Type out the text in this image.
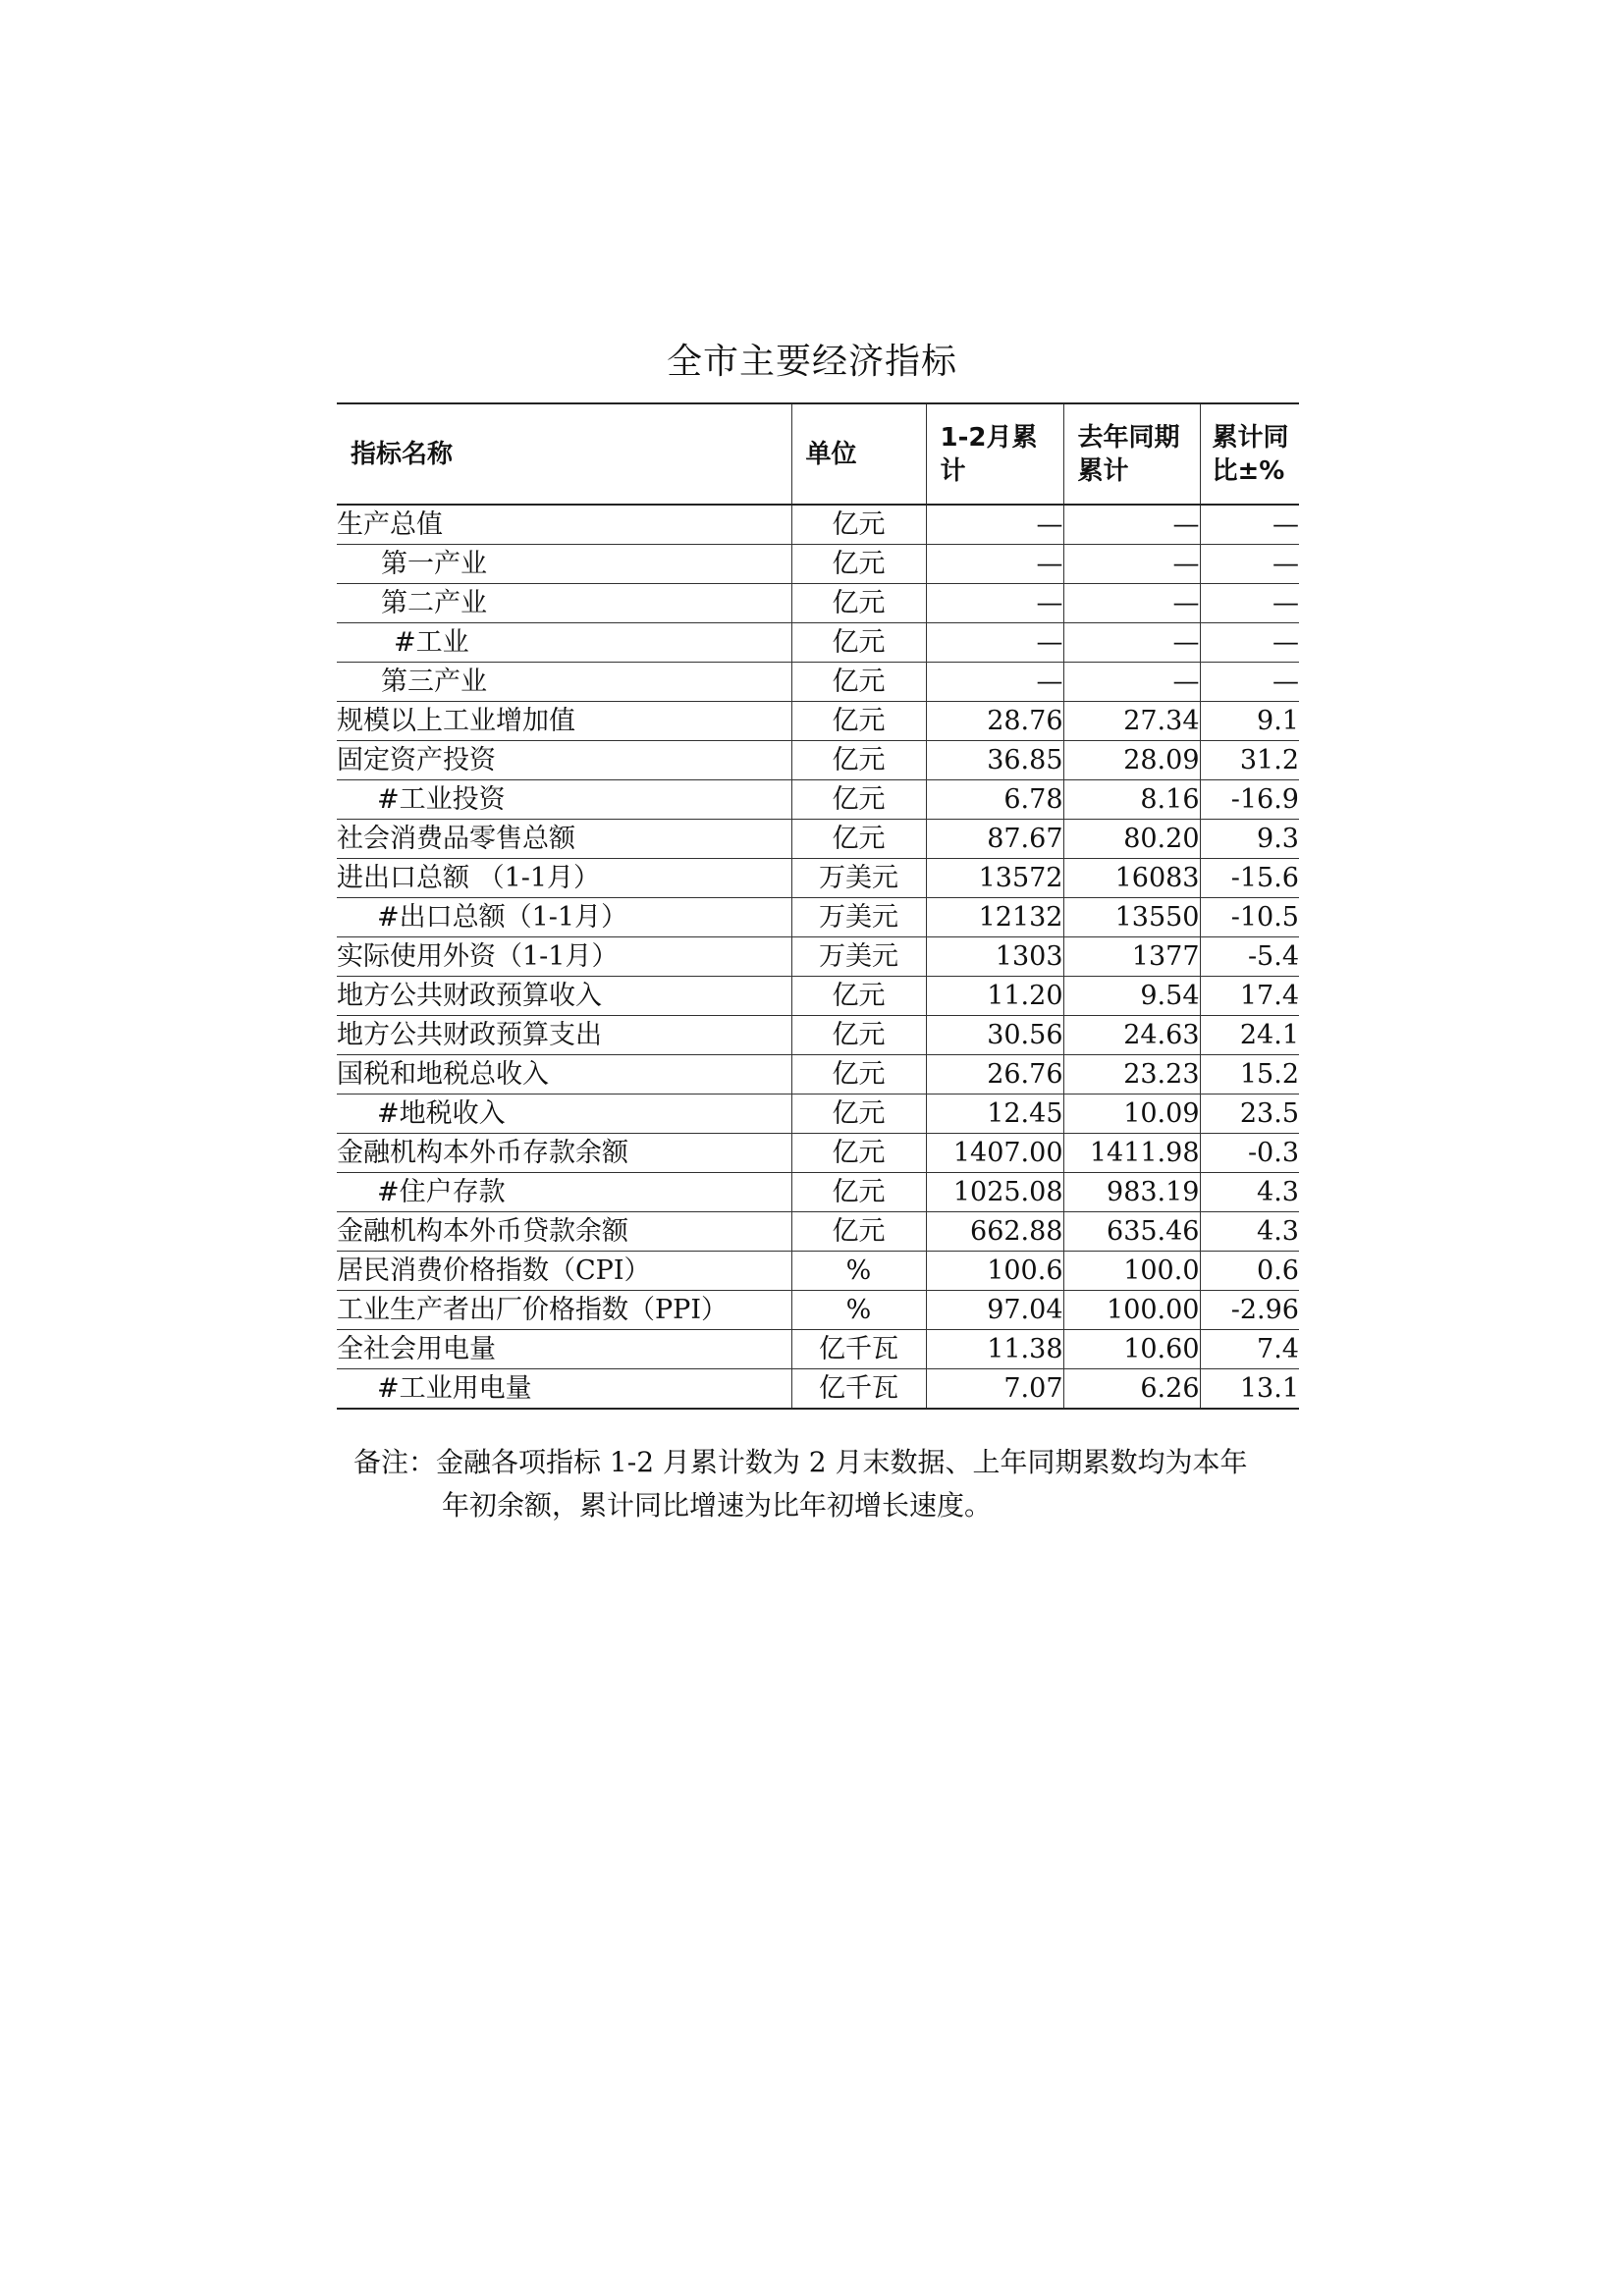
全市主要经济指标
指标名称	单位	1-2月累计	去年同期累计	累计同比±%
生产总值	亿元	—	—	—
第一产业	亿元	—	—	—
第二产业	亿元	—	—	—
#工业	亿元	—	—	—
第三产业	亿元	—	—	—
规模以上工业增加值	亿元	28.76	27.34	9.1
固定资产投资	亿元	36.85	28.09	31.2
#工业投资	亿元	6.78	8.16	-16.9
社会消费品零售总额	亿元	87.67	80.20	9.3
进出口总额 （1-1月）	万美元	13572	16083	-15.6
#出口总额（1-1月）	万美元	12132	13550	-10.5
实际使用外资（1-1月）	万美元	1303	1377	-5.4
地方公共财政预算收入	亿元	11.20	9.54	17.4
地方公共财政预算支出	亿元	30.56	24.63	24.1
国税和地税总收入	亿元	26.76	23.23	15.2
#地税收入	亿元	12.45	10.09	23.5
金融机构本外币存款余额	亿元	1407.00	1411.98	-0.3
#住户存款	亿元	1025.08	983.19	4.3
金融机构本外币贷款余额	亿元	662.88	635.46	4.3
居民消费价格指数（CPI）	%	100.6	100.0	0.6
工业生产者出厂价格指数（PPI）	%	97.04	100.00	-2.96
全社会用电量	亿千瓦	11.38	10.60	7.4
#工业用电量	亿千瓦	7.07	6.26	13.1
备注：金融各项指标 1-2 月累计数为 2 月末数据、上年同期累数均为本年
年初余额，累计同比增速为比年初增长速度。
